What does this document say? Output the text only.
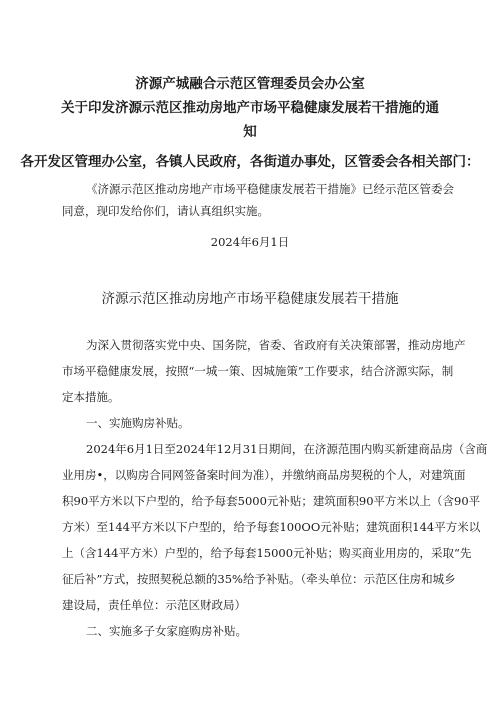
济源产城融合示范区管理委员会办公室
关于印发济源示范区推动房地产市场平稳健康发展若干措施的通
知
各开发区管理办公室，各镇人民政府，各街道办事处，区管委会各相关部门：
《济源示范区推动房地产市场平稳健康发展若干措施》已经示范区管委会
同意，现印发给你们，请认真组织实施。
2024年6月1日
济源示范区推动房地产市场平稳健康发展若干措施
为深入贯彻落实党中央、国务院，省委、省政府有关决策部署，推动房地产
市场平稳健康发展，按照“一城一策、因城施策”工作要求，结合济源实际，制
定本措施。
一、实施购房补贴。
2024年6月1日至2024年12月31日期间，在济源范围内购买新建商品房（含商
业用房•，以购房合同网签备案时间为准），并缴纳商品房契税的个人，对建筑面
积90平方米以下户型的，给予每套5000元补贴；建筑面积90平方米以上（含90平
方米）至144平方米以下户型的，给予每套100OO元补贴；建筑面积144平方米以
上（含144平方米）户型的，给予每套15000元补贴；购买商业用房的，采取“先
征后补”方式，按照契税总额的35%给予补贴。（牵头单位：示范区住房和城乡
建设局，责任单位：示范区财政局）
二、实施多子女家庭购房补贴。
